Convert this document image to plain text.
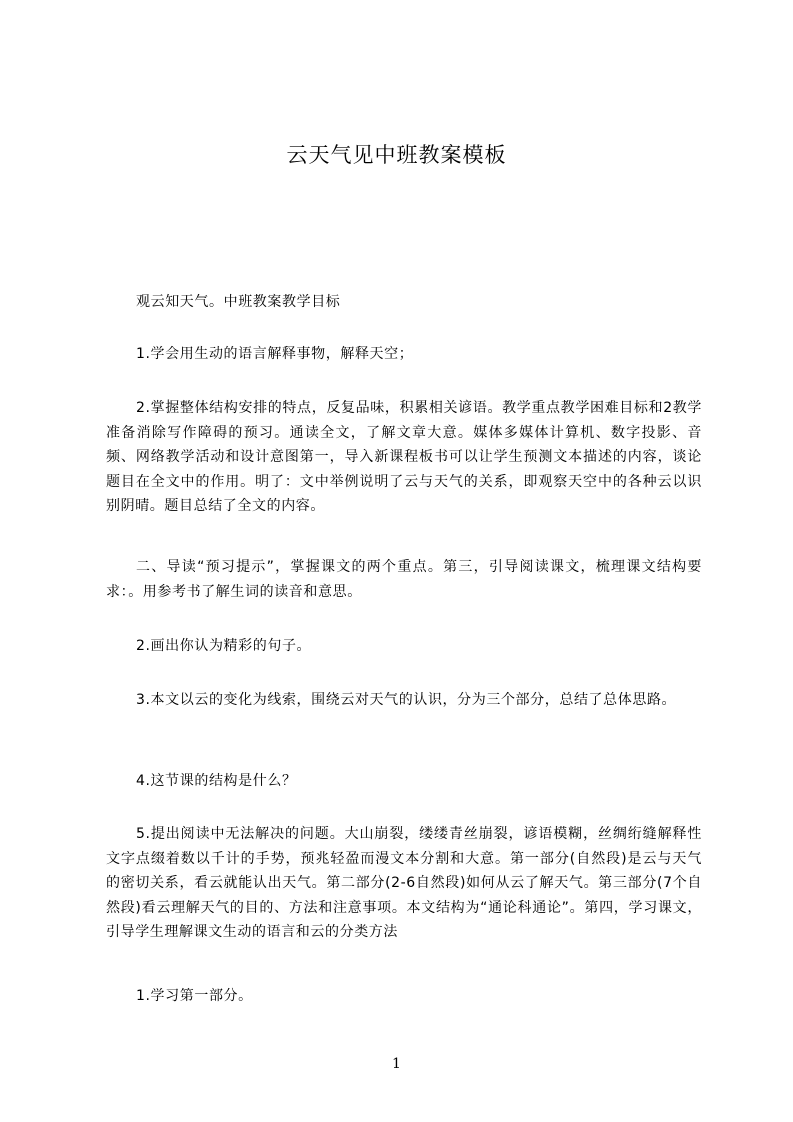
云天气见中班教案模板
观云知天气。中班教案教学目标
1.学会用生动的语言解释事物，解释天空；
2.掌握整体结构安排的特点，反复品味，积累相关谚语。教学重点教学困难目标和2教学准备消除写作障碍的预习。通读全文，了解文章大意。媒体多媒体计算机、数字投影、音频、网络教学活动和设计意图第一，导入新课程板书可以让学生预测文本描述的内容，谈论题目在全文中的作用。明了：文中举例说明了云与天气的关系，即观察天空中的各种云以识别阴晴。题目总结了全文的内容。
二、导读“预习提示”，掌握课文的两个重点。第三，引导阅读课文，梳理课文结构要求：。用参考书了解生词的读音和意思。
2.画出你认为精彩的句子。
3.本文以云的变化为线索，围绕云对天气的认识，分为三个部分，总结了总体思路。
4.这节课的结构是什么？
5.提出阅读中无法解决的问题。大山崩裂，缕缕青丝崩裂，谚语模糊，丝绸绗缝解释性文字点缀着数以千计的手势，预兆轻盈而漫文本分割和大意。第一部分(自然段)是云与天气的密切关系，看云就能认出天气。第二部分(2-6自然段)如何从云了解天气。第三部分(7个自然段)看云理解天气的目的、方法和注意事项。本文结构为“通论科通论”。第四，学习课文，引导学生理解课文生动的语言和云的分类方法
1.学习第一部分。
1
